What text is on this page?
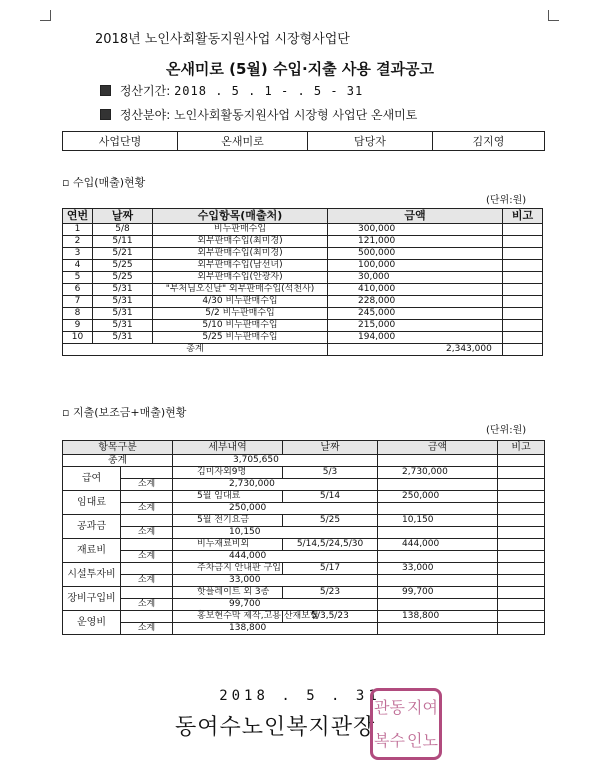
2018년 노인사회활동지원사업 시장형사업단
온새미로 (5월) 수입·지출 사용 결과공고
정산기간: 2018 . 5 . 1 - . 5 - 31
정산분야: 노인사회활동지원사업 시장형 사업단 온새미토
사업단명	온새미로	담당자	김지영
▫ 수입(매출)현황
(단위:원)
연번	날짜	수입항목(매출처)	금액	비고
1	5/8	비누판매수입	300,000	
2	5/11	외부판매수입(최미경)	121,000	
3	5/21	외부판매수입(최미경)	500,000	
4	5/25	외부판매수입(남선녀)	100,000	
5	5/25	외부판매수입(안광자)	30,000	
6	5/31	"부처님오신날" 외부판매수입(석천사)	410,000	
7	5/31	4/30 비누판매수입	228,000	
8	5/31	5/2 비누판매수입	245,000	
9	5/31	5/10 비누판매수입	215,000	
10	5/31	5/25 비누판매수입	194,000	
총계			2,343,000	
▫ 지출(보조금+매출)현황
(단위:원)
항목구분		세부내역	날짜	금액	비고
총계		3,705,650			
급여		김미자외9명	5/3	2,730,000	
	소계	2,730,000			
임대료		5월 임대료	5/14	250,000	
	소계	250,000			
공과금		5월 전기요금	5/25	10,150	
	소계	10,150			
재료비		비누재료비외	5/14,5/24,5/30	444,000	
	소계	444,000			
시설투자비		주차금지 안내판 구입	5/17	33,000	
	소계	33,000			
장비구입비		핫플레이트 외 3종	5/23	99,700	
	소계	99,700			
운영비		홍보현수막 제작,고용 산재보험	5/3,5/23	138,800	
	소계	138,800			
2018 . 5 . 31
동여수노인복지관장
관동 지여
복수 인노
